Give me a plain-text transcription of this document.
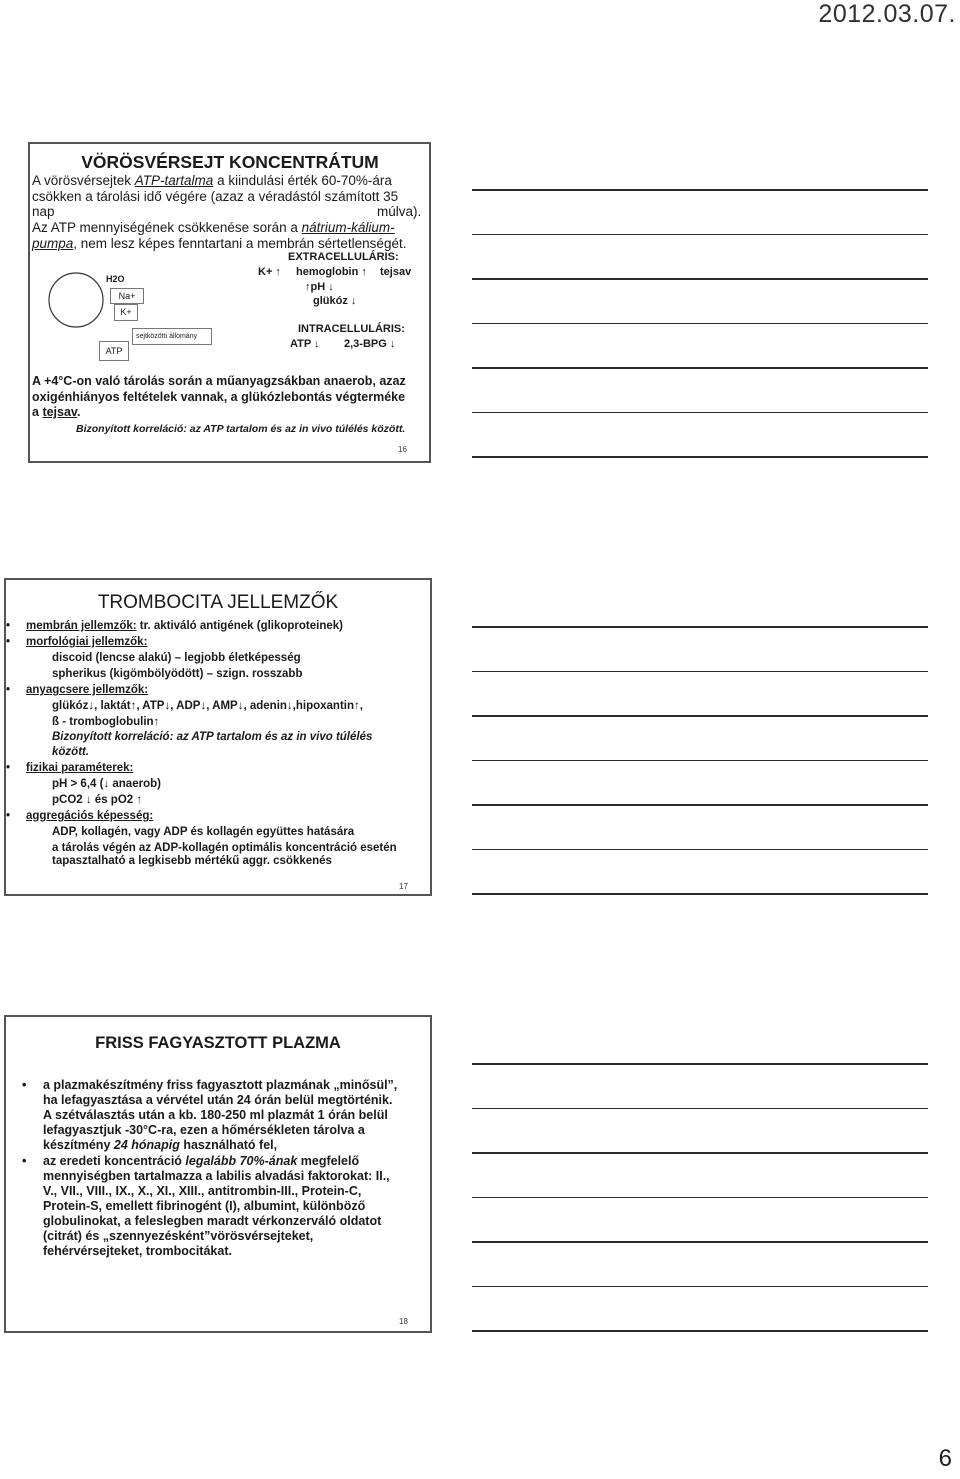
2012.03.07.
VÖRÖSVÉRSEJT KONCENTRÁTUM
A vörösvérsejtek ATP-tartalma a kiindulási érték 60-70%-ára
csökken a tárolási idő végére (azaz a véradástól számított 35
nap	múlva).
Az ATP mennyiségének csökkenése során a nátrium-kálium-
pumpa, nem lesz képes fenntartani a membrán sértetlenségét.
H2O
Na+
K+
ATP
sejtközötti állomány
EXTRACELLULÁRIS:
K+ ↑ hemoglobin ↑ tejsav
↑pH ↓
glükóz ↓
INTRACELLULÁRIS:
ATP ↓ 2,3-BPG ↓
A +4°C-on való tárolás során a műanyagzsákban anaerob, azaz
oxigénhiányos feltételek vannak, a glükózlebontás végterméke
a tejsav.
Bizonyított korreláció: az ATP tartalom és az in vivo túlélés között.
16
TROMBOCITA JELLEMZŐK
• membrán jellemzők: tr. aktiváló antigének (glikoproteinek)
• morfológiai jellemzők:
discoid (lencse alakú) – legjobb életképesség
spherikus (kigömbölyödött) – szign. rosszabb
• anyagcsere jellemzők:
glükóz↓, laktát↑, ATP↓, ADP↓, AMP↓, adenin↓,hipoxantin↑,
ß - tromboglobulin↑
Bizonyított korreláció: az ATP tartalom és az in vivo túlélés
között.
• fizikai paraméterek:
pH > 6,4 (↓ anaerob)
pCO2 ↓ és pO2 ↑
• aggregációs képesség:
ADP, kollagén, vagy ADP és kollagén együttes hatására
a tárolás végén az ADP-kollagén optimális koncentráció esetén
tapasztalható a legkisebb mértékű aggr. csökkenés
17
FRISS FAGYASZTOTT PLAZMA
• a plazmakészítmény friss fagyasztott plazmának „minősül”,
ha lefagyasztása a vérvétel után 24 órán belül megtörténik.
A szétválasztás után a kb. 180-250 ml plazmát 1 órán belül
lefagyasztjuk -30°C-ra, ezen a hőmérsékleten tárolva a
készítmény 24 hónapig használható fel,
• az eredeti koncentráció legalább 70%-ának megfelelő
mennyiségben tartalmazza a labilis alvadási faktorokat: II.,
V., VII., VIII., IX., X., XI., XIII., antitrombin-III., Protein-C,
Protein-S, emellett fibrinogént (I), albumint, különböző
globulinokat, a feleslegben maradt vérkonzerváló oldatot
(citrát) és „szennyezésként”vörösvérsejteket,
fehérvérsejteket, trombocitákat.
18
6
